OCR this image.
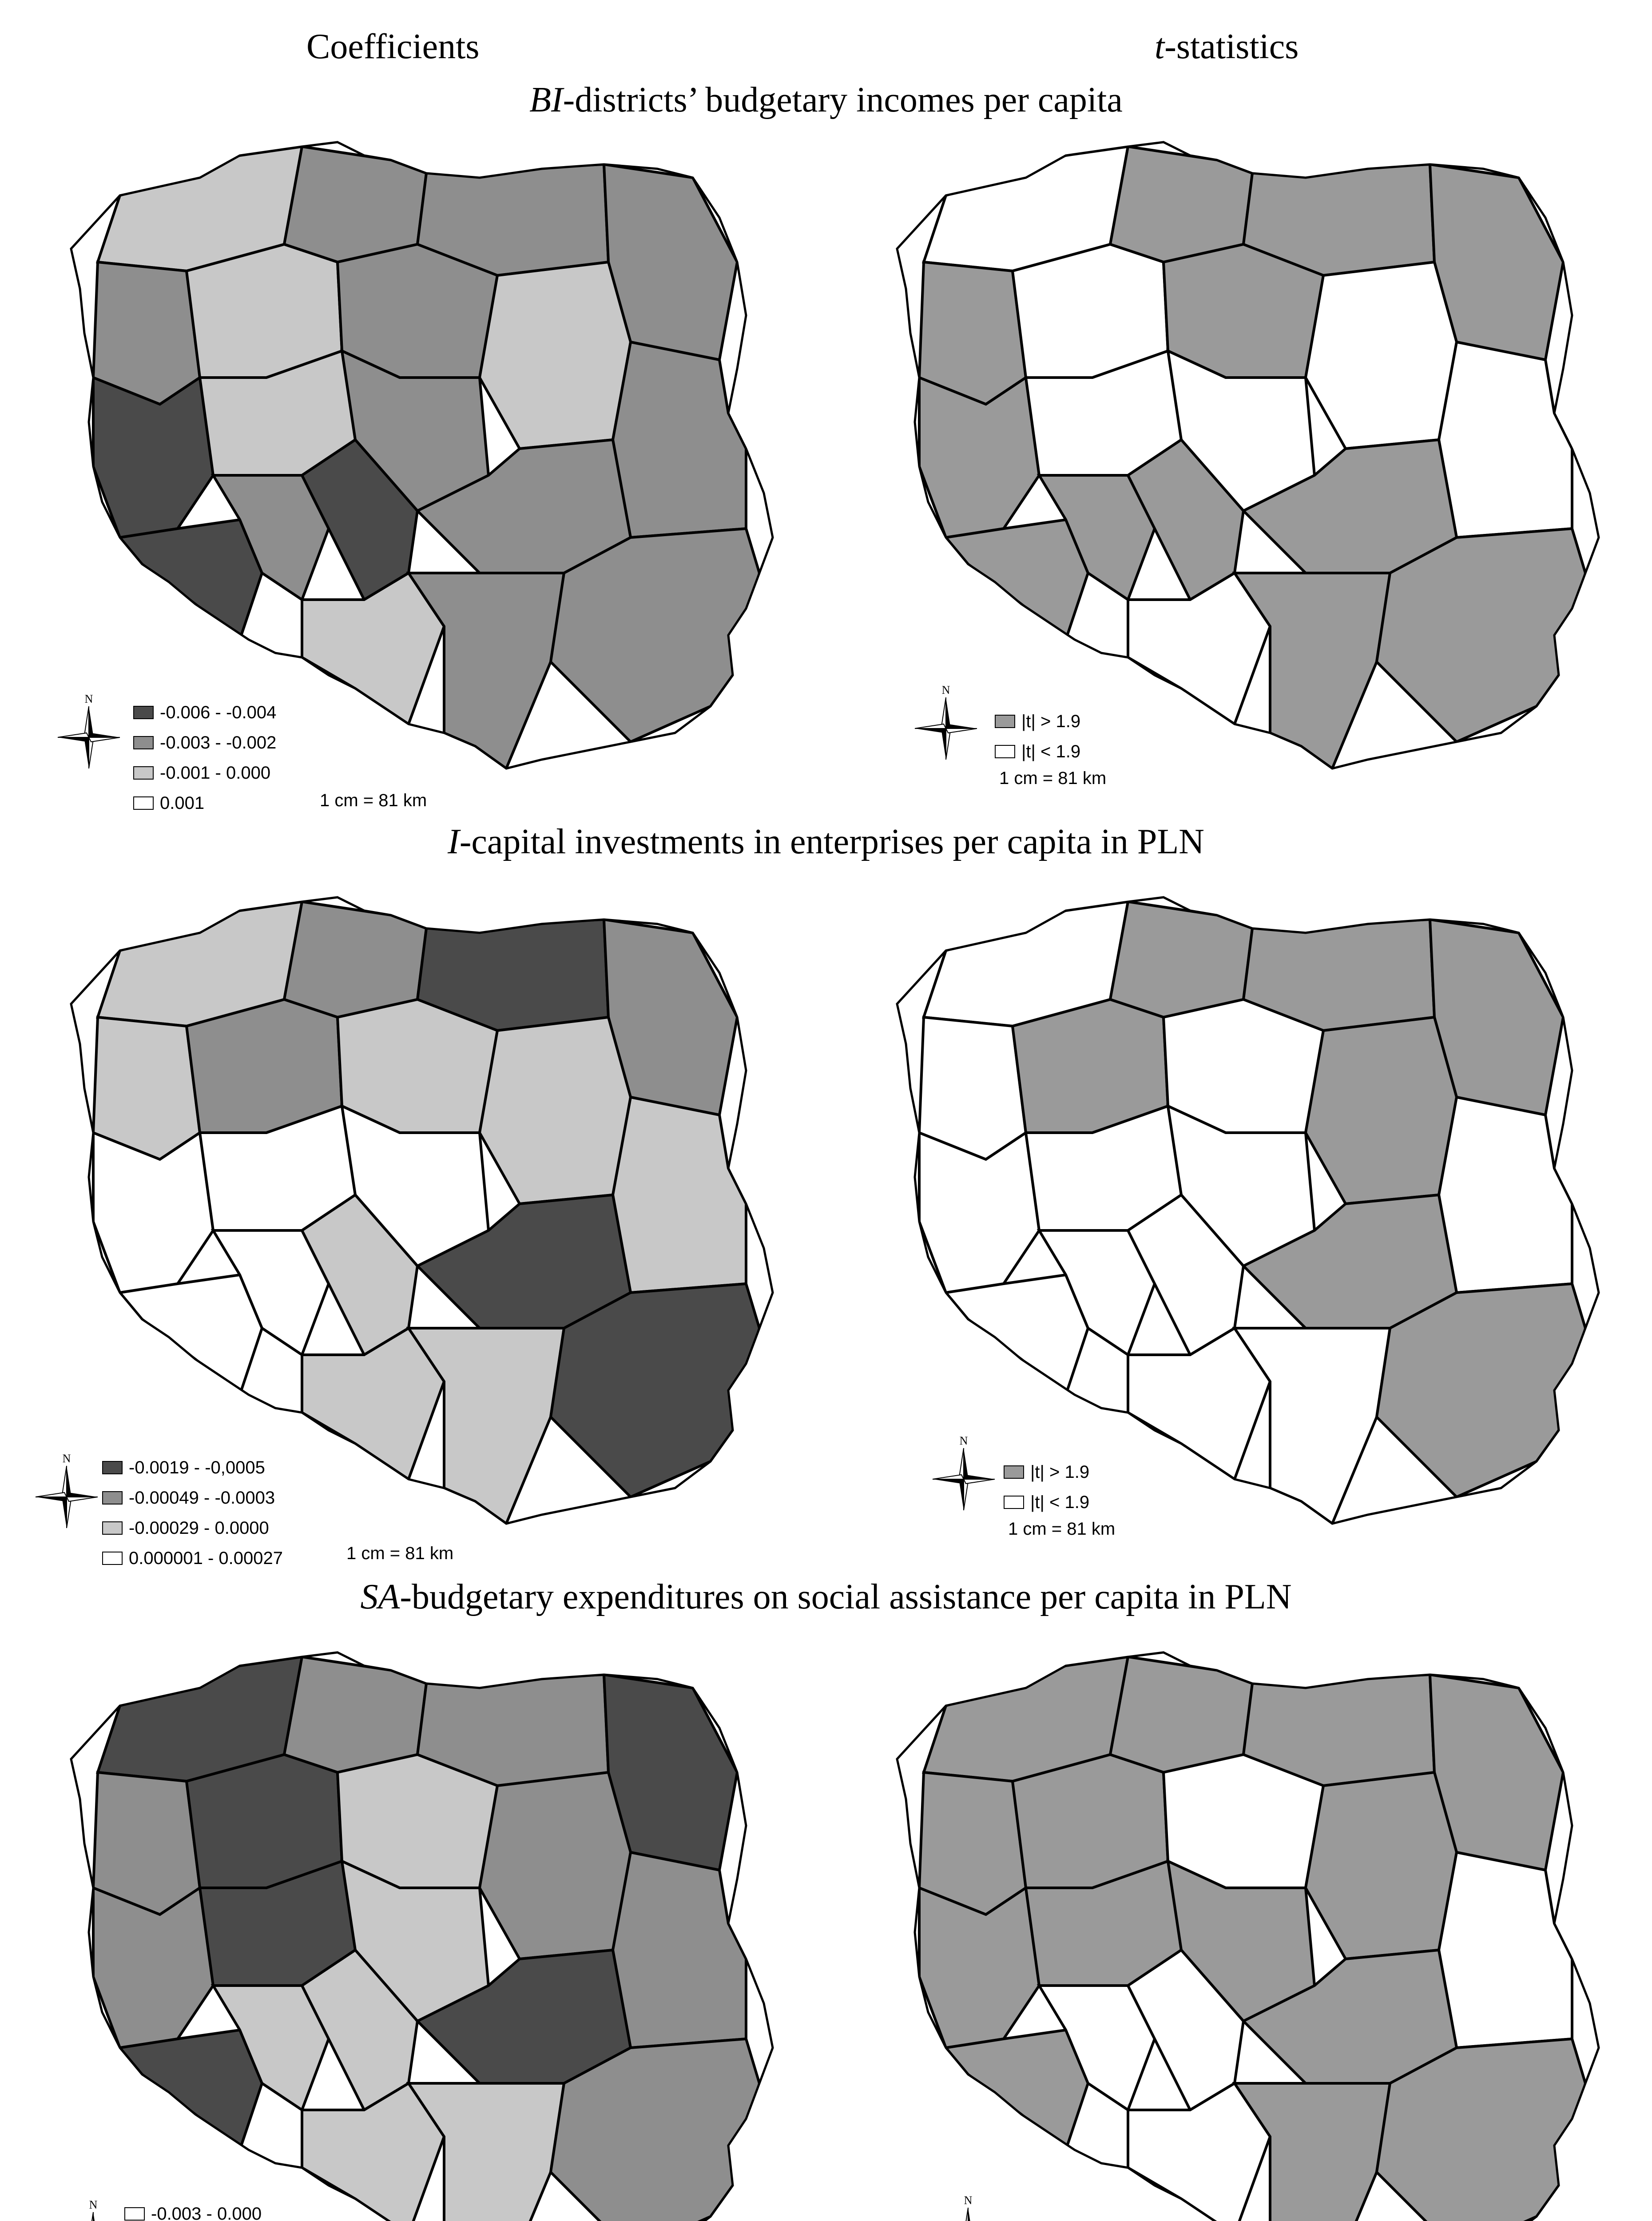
Coefficients	t-statistics
BI-districts’ budgetary incomes per capita
I-capital investments in enterprises per capita in PLN
SA-budgetary expenditures on social assistance per capita in PLN
N
-0.006 - -0.004
-0.003 - -0.002
-0.001 - 0.000
0.001	1 cm = 81 km
N
|t| > 1.9
|t| < 1.9
1 cm = 81 km
N	-0.0019 - -0,0005
-0.00049 - -0.0003
-0.00029 - 0.0000
0.000001 - 0.00027	1 cm = 81 km
N
|t| > 1.9
|t| < 1.9
1 cm = 81 km
N	-0.003 - 0.000
N
